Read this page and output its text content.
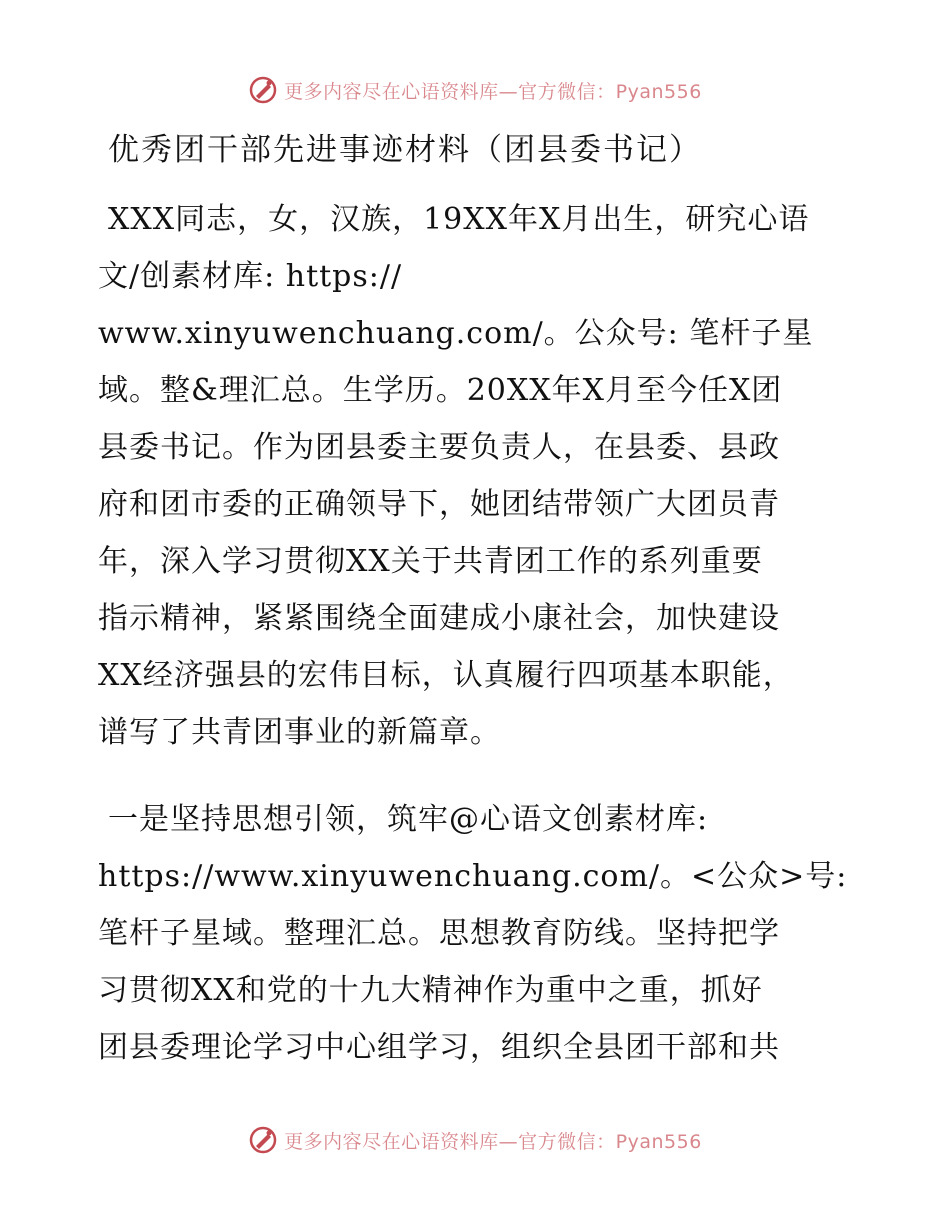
更多内容尽在心语资料库—官方微信：Pyan556
优秀团干部先进事迹材料（团县委书记）
XXX同志，女，汉族，19XX年X月出生，研究心语
文/创素材库: https://
www.xinyuwenchuang.com/。公众号: 笔杆子星
域。整&理汇总。生学历。20XX年X月至今任X团
县委书记。作为团县委主要负责人，在县委、县政
府和团市委的正确领导下，她团结带领广大团员青
年，深入学习贯彻XX关于共青团工作的系列重要
指示精神，紧紧围绕全面建成小康社会，加快建设
XX经济强县的宏伟目标，认真履行四项基本职能，
谱写了共青团事业的新篇章。
一是坚持思想引领，筑牢@心语文创素材库:
https://www.xinyuwenchuang.com/。<公众>号:
笔杆子星域。整理汇总。思想教育防线。坚持把学
习贯彻XX和党的十九大精神作为重中之重，抓好
团县委理论学习中心组学习，组织全县团干部和共
更多内容尽在心语资料库—官方微信：Pyan556
